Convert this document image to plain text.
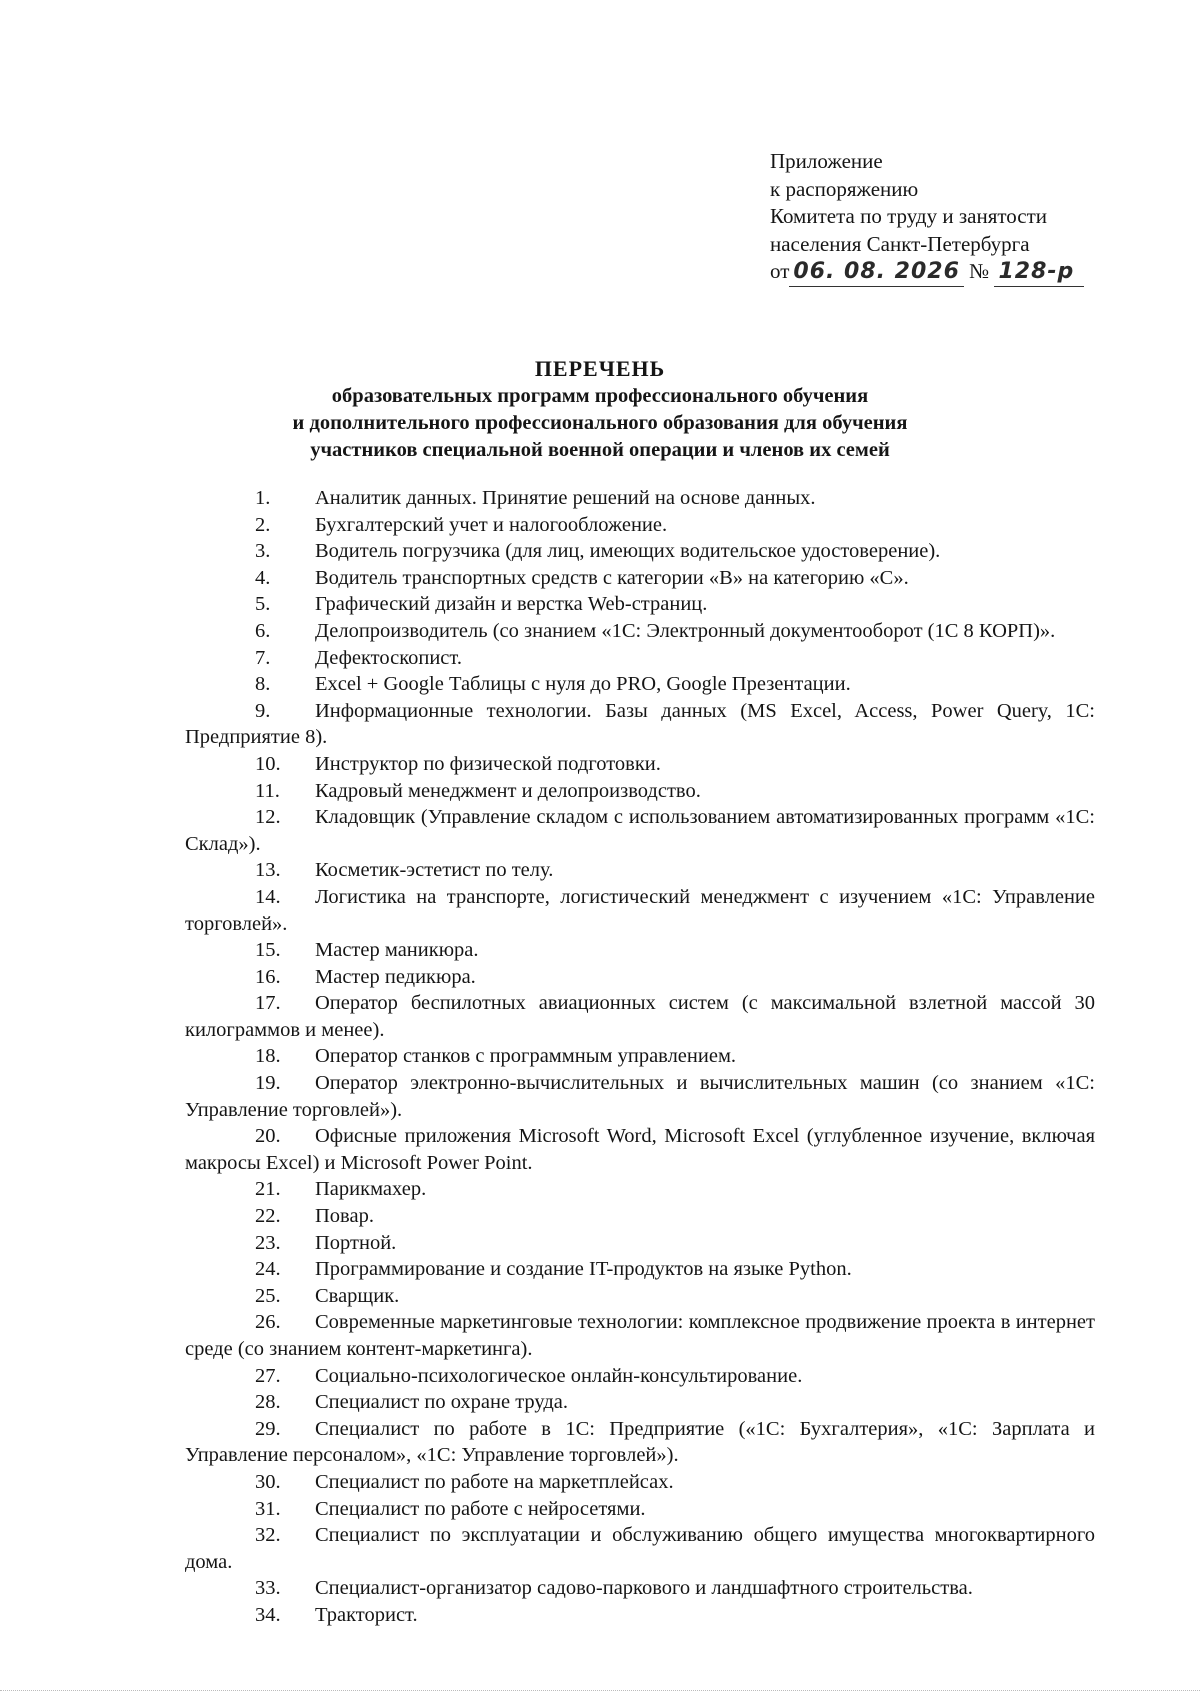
Приложение
к распоряжению
Комитета по труду и занятости
населения Санкт-Петербурга
от 06. 08. 2026 № 128-р
ПЕРЕЧЕНЬ
образовательных программ профессионального обучения
и дополнительного профессионального образования для обучения
участников специальной военной операции и членов их семей
1. Аналитик данных. Принятие решений на основе данных.
2. Бухгалтерский учет и налогообложение.
3. Водитель погрузчика (для лиц, имеющих водительское удостоверение).
4. Водитель транспортных средств с категории «В» на категорию «С».
5. Графический дизайн и верстка Web-страниц.
6. Делопроизводитель (со знанием «1С: Электронный документооборот (1С 8 КОРП)».
7. Дефектоскопист.
8. Excel + Google Таблицы с нуля до PRO, Google Презентации.
9. Информационные технологии. Базы данных (MS Excel, Access, Power Query, 1С: Предприятие 8).
10. Инструктор по физической подготовки.
11. Кадровый менеджмент и делопроизводство.
12. Кладовщик (Управление складом с использованием автоматизированных программ «1С: Склад»).
13. Косметик-эстетист по телу.
14. Логистика на транспорте, логистический менеджмент с изучением «1С: Управление торговлей».
15. Мастер маникюра.
16. Мастер педикюра.
17. Оператор беспилотных авиационных систем (с максимальной взлетной массой 30 килограммов и менее).
18. Оператор станков с программным управлением.
19. Оператор электронно-вычислительных и вычислительных машин (со знанием «1С: Управление торговлей»).
20. Офисные приложения Microsoft Word, Microsoft Excel (углубленное изучение, включая макросы Excel) и Microsoft Power Point.
21. Парикмахер.
22. Повар.
23. Портной.
24. Программирование и создание IT-продуктов на языке Python.
25. Сварщик.
26. Современные маркетинговые технологии: комплексное продвижение проекта в интернет среде (со знанием контент-маркетинга).
27. Социально-психологическое онлайн-консультирование.
28. Специалист по охране труда.
29. Специалист по работе в 1С: Предприятие («1С: Бухгалтерия», «1С: Зарплата и Управление персоналом», «1С: Управление торговлей»).
30. Специалист по работе на маркетплейсах.
31. Специалист по работе с нейросетями.
32. Специалист по эксплуатации и обслуживанию общего имущества многоквартирного дома.
33. Специалист-организатор садово-паркового и ландшафтного строительства.
34. Тракторист.
